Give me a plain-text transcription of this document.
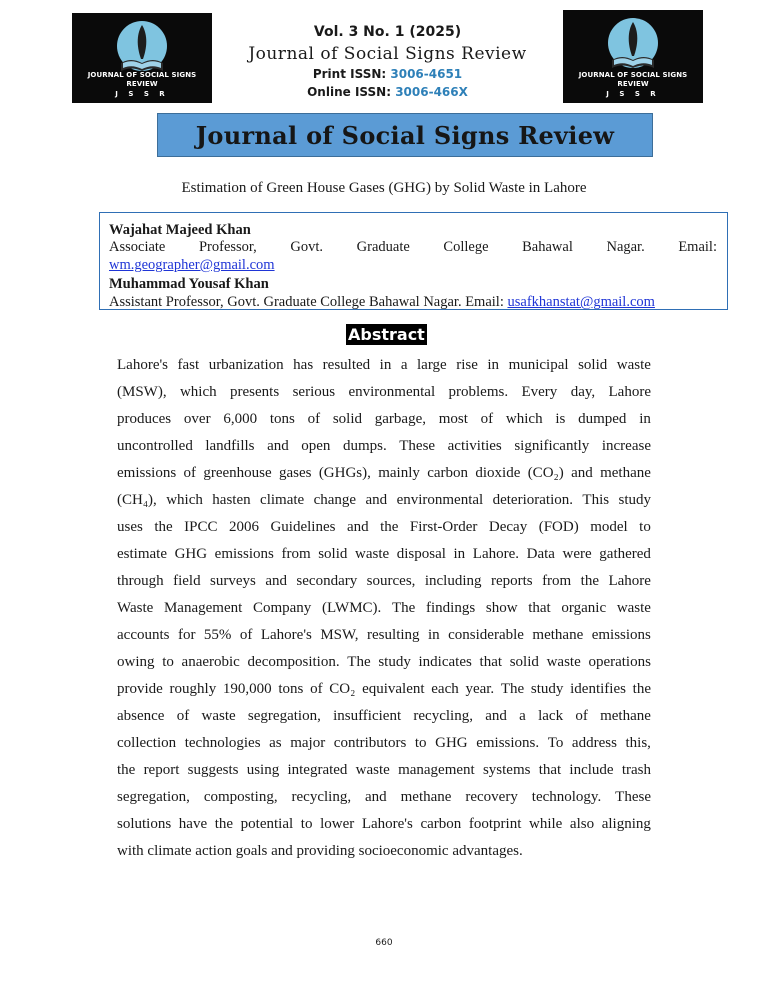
JOURNAL OF SOCIAL SIGNS REVIEW
J S S R
JOURNAL OF SOCIAL SIGNS REVIEW
J S S R
Vol. 3 No. 1 (2025)
Journal of Social Signs Review
Print ISSN: 3006-4651
Online ISSN: 3006-466X
Journal of Social Signs Review
Estimation of Green House Gases (GHG) by Solid Waste in Lahore
Wajahat Majeed Khan
Associate Professor, Govt. Graduate College Bahawal Nagar. Email:
wm.geographer@gmail.com
Muhammad Yousaf Khan
Assistant Professor, Govt. Graduate College Bahawal Nagar. Email: usafkhanstat@gmail.com
Abstract
Lahore's fast urbanization has resulted in a large rise in municipal solid waste
(MSW), which presents serious environmental problems. Every day, Lahore
produces over 6,000 tons of solid garbage, most of which is dumped in
uncontrolled landfills and open dumps. These activities significantly increase
emissions of greenhouse gases (GHGs), mainly carbon dioxide (CO₂) and methane
(CH₄), which hasten climate change and environmental deterioration. This study
uses the IPCC 2006 Guidelines and the First-Order Decay (FOD) model to
estimate GHG emissions from solid waste disposal in Lahore. Data were gathered
through field surveys and secondary sources, including reports from the Lahore
Waste Management Company (LWMC). The findings show that organic waste
accounts for 55% of Lahore's MSW, resulting in considerable methane emissions
owing to anaerobic decomposition. The study indicates that solid waste operations
provide roughly 190,000 tons of CO₂ equivalent each year. The study identifies the
absence of waste segregation, insufficient recycling, and a lack of methane
collection technologies as major contributors to GHG emissions. To address this,
the report suggests using integrated waste management systems that include trash
segregation, composting, recycling, and methane recovery technology. These
solutions have the potential to lower Lahore's carbon footprint while also aligning
with climate action goals and providing socioeconomic advantages.
660
